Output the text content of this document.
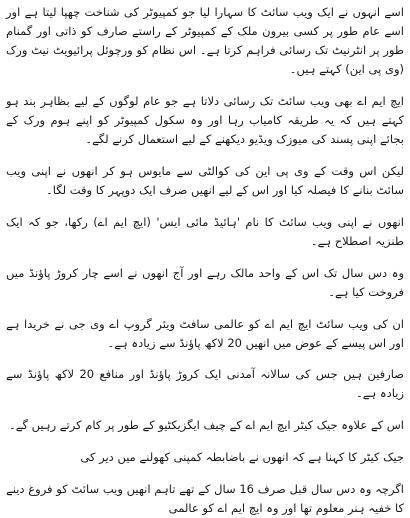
اسے انہوں نے ایک ویب سائٹ کا سہارا لیا جو کمپیوٹر کی شناخت چھپا لیتا ہے اور اسے عام طور پر کسی بیرون ملک کے کمپیوٹر کے راستے صارف کو ذاتی اور گمنام طور پر انٹرنیٹ تک رسائی فراہم کرتا ہے۔ اس نظام کو ورچوئل پرائیویٹ نیٹ ورک (وی پی این) کہتے ہیں۔

ایچ ایم اے بھی ویب سائٹ تک رسائی دلاتا ہے جو عام لوگوں کے لیے بظاہر بند ہو کہتے ہیں کہ یہ طریقہ کامیاب رہا اور وہ سکول کمپیوٹر کو اپنے ہوم ورک کے بجائے اپنی پسند کی میوزک ویڈیو دیکھنے کے لیے استعمال کرنے لگے۔

لیکن اس وقت کے وی پی این کی کوالٹی سے مایوس ہو کر انھوں نے اپنی ویب سائٹ بنانے کا فیصلہ کیا اور اس کے لیے انھیں صرف ایک دوپہر کا وقت لگا۔

انھوں نے اپنی ویب سائٹ کا نام 'ہائیڈ مائی ایس' (ایچ ایم اے) رکھا، جو کہ ایک طنزیہ اصطلاح ہے۔

وہ دس سال تک اس کے واحد مالک رہے اور آج انھوں نے اسے چار کروڑ پاؤنڈ میں فروخت کیا ہے۔

ان کی ویب سائٹ ایچ ایم اے کو عالمی سافٹ ویئر گروپ اے وی جی نے خریدا ہے اور اس پیسے کے عوض میں انھیں 20 لاکھ پاؤنڈ سے زیادہ ہے۔

صارفین ہیں جس کی سالانہ آمدنی ایک کروڑ پاؤنڈ اور منافع 20 لاکھ پاؤنڈ سے زیادہ ہے۔

اس کے علاوہ جیک کیٹر ایچ ایم اے کے چیف ایگزیکٹیو کے طور پر کام کرتے رہیں گے۔

جیک کیٹر کا کہنا ہے کہ انھوں نے باضابطہ کمپنی کھولنے میں دیر کی

اگرچہ وہ دس سال قبل صرف 16 سال کے تھے تاہم انھیں ویب سائٹ کو فروغ دینے کا خفیہ ہنر معلوم تھا اور وہ ایچ ایم اے کو عالمی
